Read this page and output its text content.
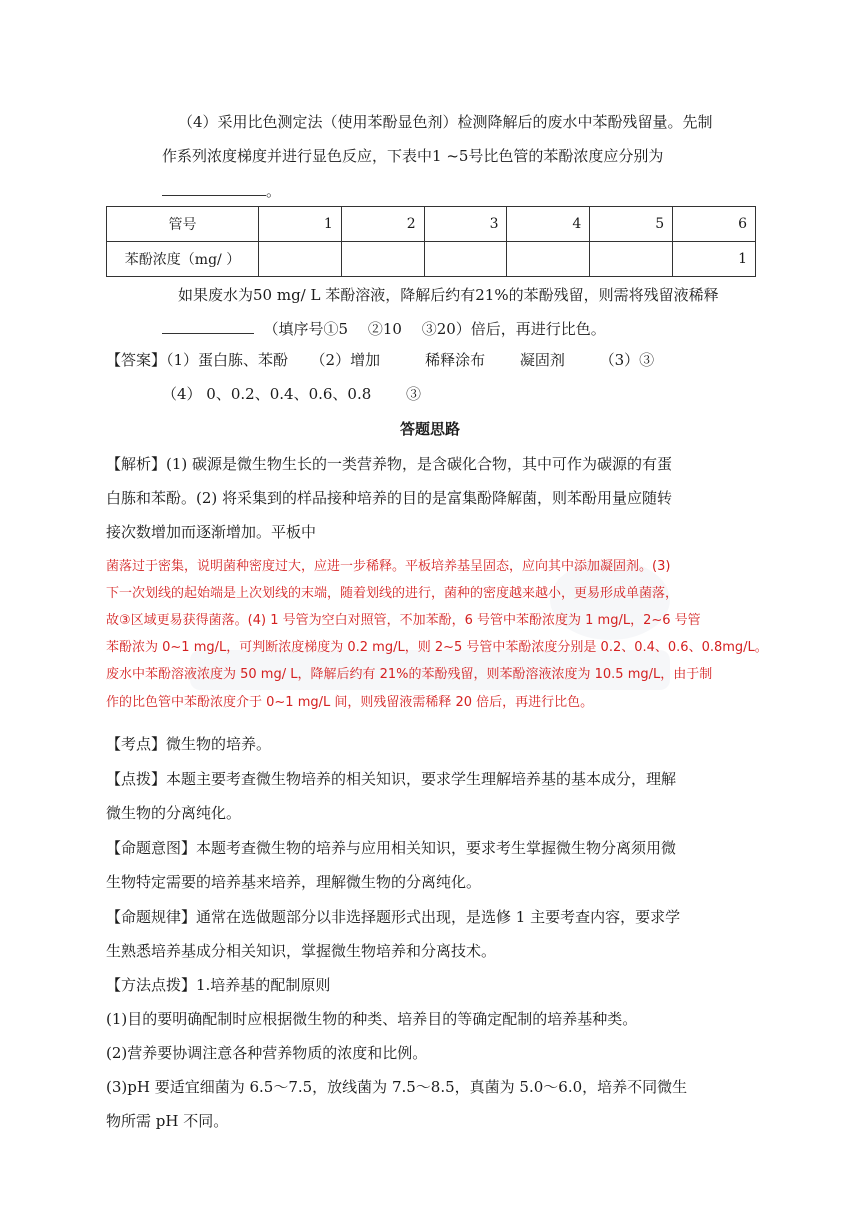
（4）采用比色测定法（使用苯酚显色剂）检测降解后的废水中苯酚残留量。先制
作系列浓度梯度并进行显色反应，下表中1 ~5号比色管的苯酚浓度应分别为
。
管号	1	2	3	4	5	6
苯酚浓度（mg/ ）						1
如果废水为50 mg/ L 苯酚溶液，降解后约有21%的苯酚残留，则需将残留液稀释
（填序号①5　 ②10　 ③20）倍后，再进行比色。
【答案】（1）蛋白胨、苯酚　　（2）增加　　　稀释涂布　　 凝固剂　　 （3）③
（4） 0、0.2、0.4、0.6、0.8　　 ③
答题思路
【解析】(1) 碳源是微生物生长的一类营养物，是含碳化合物，其中可作为碳源的有蛋
白胨和苯酚。(2) 将采集到的样品接种培养的目的是富集酚降解菌，则苯酚用量应随转
接次数增加而逐渐增加。平板中
菌落过于密集，说明菌种密度过大，应进一步稀释。平板培养基呈固态，应向其中添加凝固剂。(3)
下一次划线的起始端是上次划线的末端，随着划线的进行，菌种的密度越来越小，更易形成单菌落，
故③区域更易获得菌落。(4) 1 号管为空白对照管，不加苯酚，6 号管中苯酚浓度为 1 mg/L，2~6 号管
苯酚浓为 0~1 mg/L，可判断浓度梯度为 0.2 mg/L，则 2~5 号管中苯酚浓度分别是 0.2、0.4、0.6、0.8mg/L。
废水中苯酚溶液浓度为 50 mg/ L，降解后约有 21%的苯酚残留，则苯酚溶液浓度为 10.5 mg/L，由于制
作的比色管中苯酚浓度介于 0~1 mg/L 间，则残留液需稀释 20 倍后，再进行比色。
【考点】微生物的培养。
【点拨】本题主要考查微生物培养的相关知识，要求学生理解培养基的基本成分，理解
微生物的分离纯化。
【命题意图】本题考查微生物的培养与应用相关知识，要求考生掌握微生物分离须用微
生物特定需要的培养基来培养，理解微生物的分离纯化。
【命题规律】通常在选做题部分以非选择题形式出现，是选修 1 主要考查内容，要求学
生熟悉培养基成分相关知识，掌握微生物培养和分离技术。
【方法点拨】1.培养基的配制原则
(1)目的要明确配制时应根据微生物的种类、培养目的等确定配制的培养基种类。
(2)营养要协调注意各种营养物质的浓度和比例。
(3)pH 要适宜细菌为 6.5～7.5，放线菌为 7.5～8.5，真菌为 5.0～6.0，培养不同微生
物所需 pH 不同。
